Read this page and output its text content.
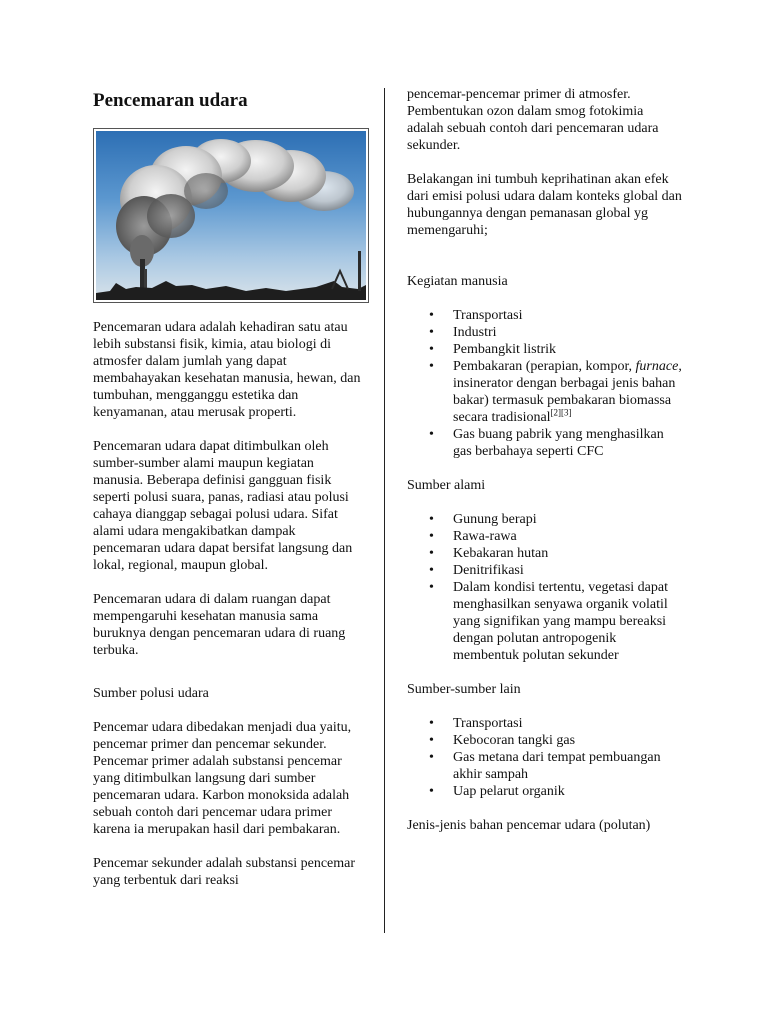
Pencemaran udara

Pencemaran udara adalah kehadiran satu atau lebih substansi fisik, kimia, atau biologi di atmosfer dalam jumlah yang dapat membahayakan kesehatan manusia, hewan, dan tumbuhan, mengganggu estetika dan kenyamanan, atau merusak properti.

Pencemaran udara dapat ditimbulkan oleh sumber-sumber alami maupun kegiatan manusia. Beberapa definisi gangguan fisik seperti polusi suara, panas, radiasi atau polusi cahaya dianggap sebagai polusi udara. Sifat alami udara mengakibatkan dampak pencemaran udara dapat bersifat langsung dan lokal, regional, maupun global.

Pencemaran udara di dalam ruangan dapat mempengaruhi kesehatan manusia sama buruknya dengan pencemaran udara di ruang terbuka.

Sumber polusi udara

Pencemar udara dibedakan menjadi dua yaitu, pencemar primer dan pencemar sekunder. Pencemar primer adalah substansi pencemar yang ditimbulkan langsung dari sumber pencemaran udara. Karbon monoksida adalah sebuah contoh dari pencemar udara primer karena ia merupakan hasil dari pembakaran.

Pencemar sekunder adalah substansi pencemar yang terbentuk dari reaksi

pencemar-pencemar primer di atmosfer. Pembentukan ozon dalam smog fotokimia adalah sebuah contoh dari pencemaran udara sekunder.

Belakangan ini tumbuh keprihatinan akan efek dari emisi polusi udara dalam konteks global dan hubungannya dengan pemanasan global yg memengaruhi;

Kegiatan manusia

• Transportasi
• Industri
• Pembangkit listrik
• Pembakaran (perapian, kompor, furnace, insinerator dengan berbagai jenis bahan bakar) termasuk pembakaran biomassa secara tradisional[2][3]
• Gas buang pabrik yang menghasilkan gas berbahaya seperti CFC

Sumber alami

• Gunung berapi
• Rawa-rawa
• Kebakaran hutan
• Denitrifikasi
• Dalam kondisi tertentu, vegetasi dapat menghasilkan senyawa organik volatil yang signifikan yang mampu bereaksi dengan polutan antropogenik membentuk polutan sekunder

Sumber-sumber lain

• Transportasi
• Kebocoran tangki gas
• Gas metana dari tempat pembuangan akhir sampah
• Uap pelarut organik

Jenis-jenis bahan pencemar udara (polutan)
